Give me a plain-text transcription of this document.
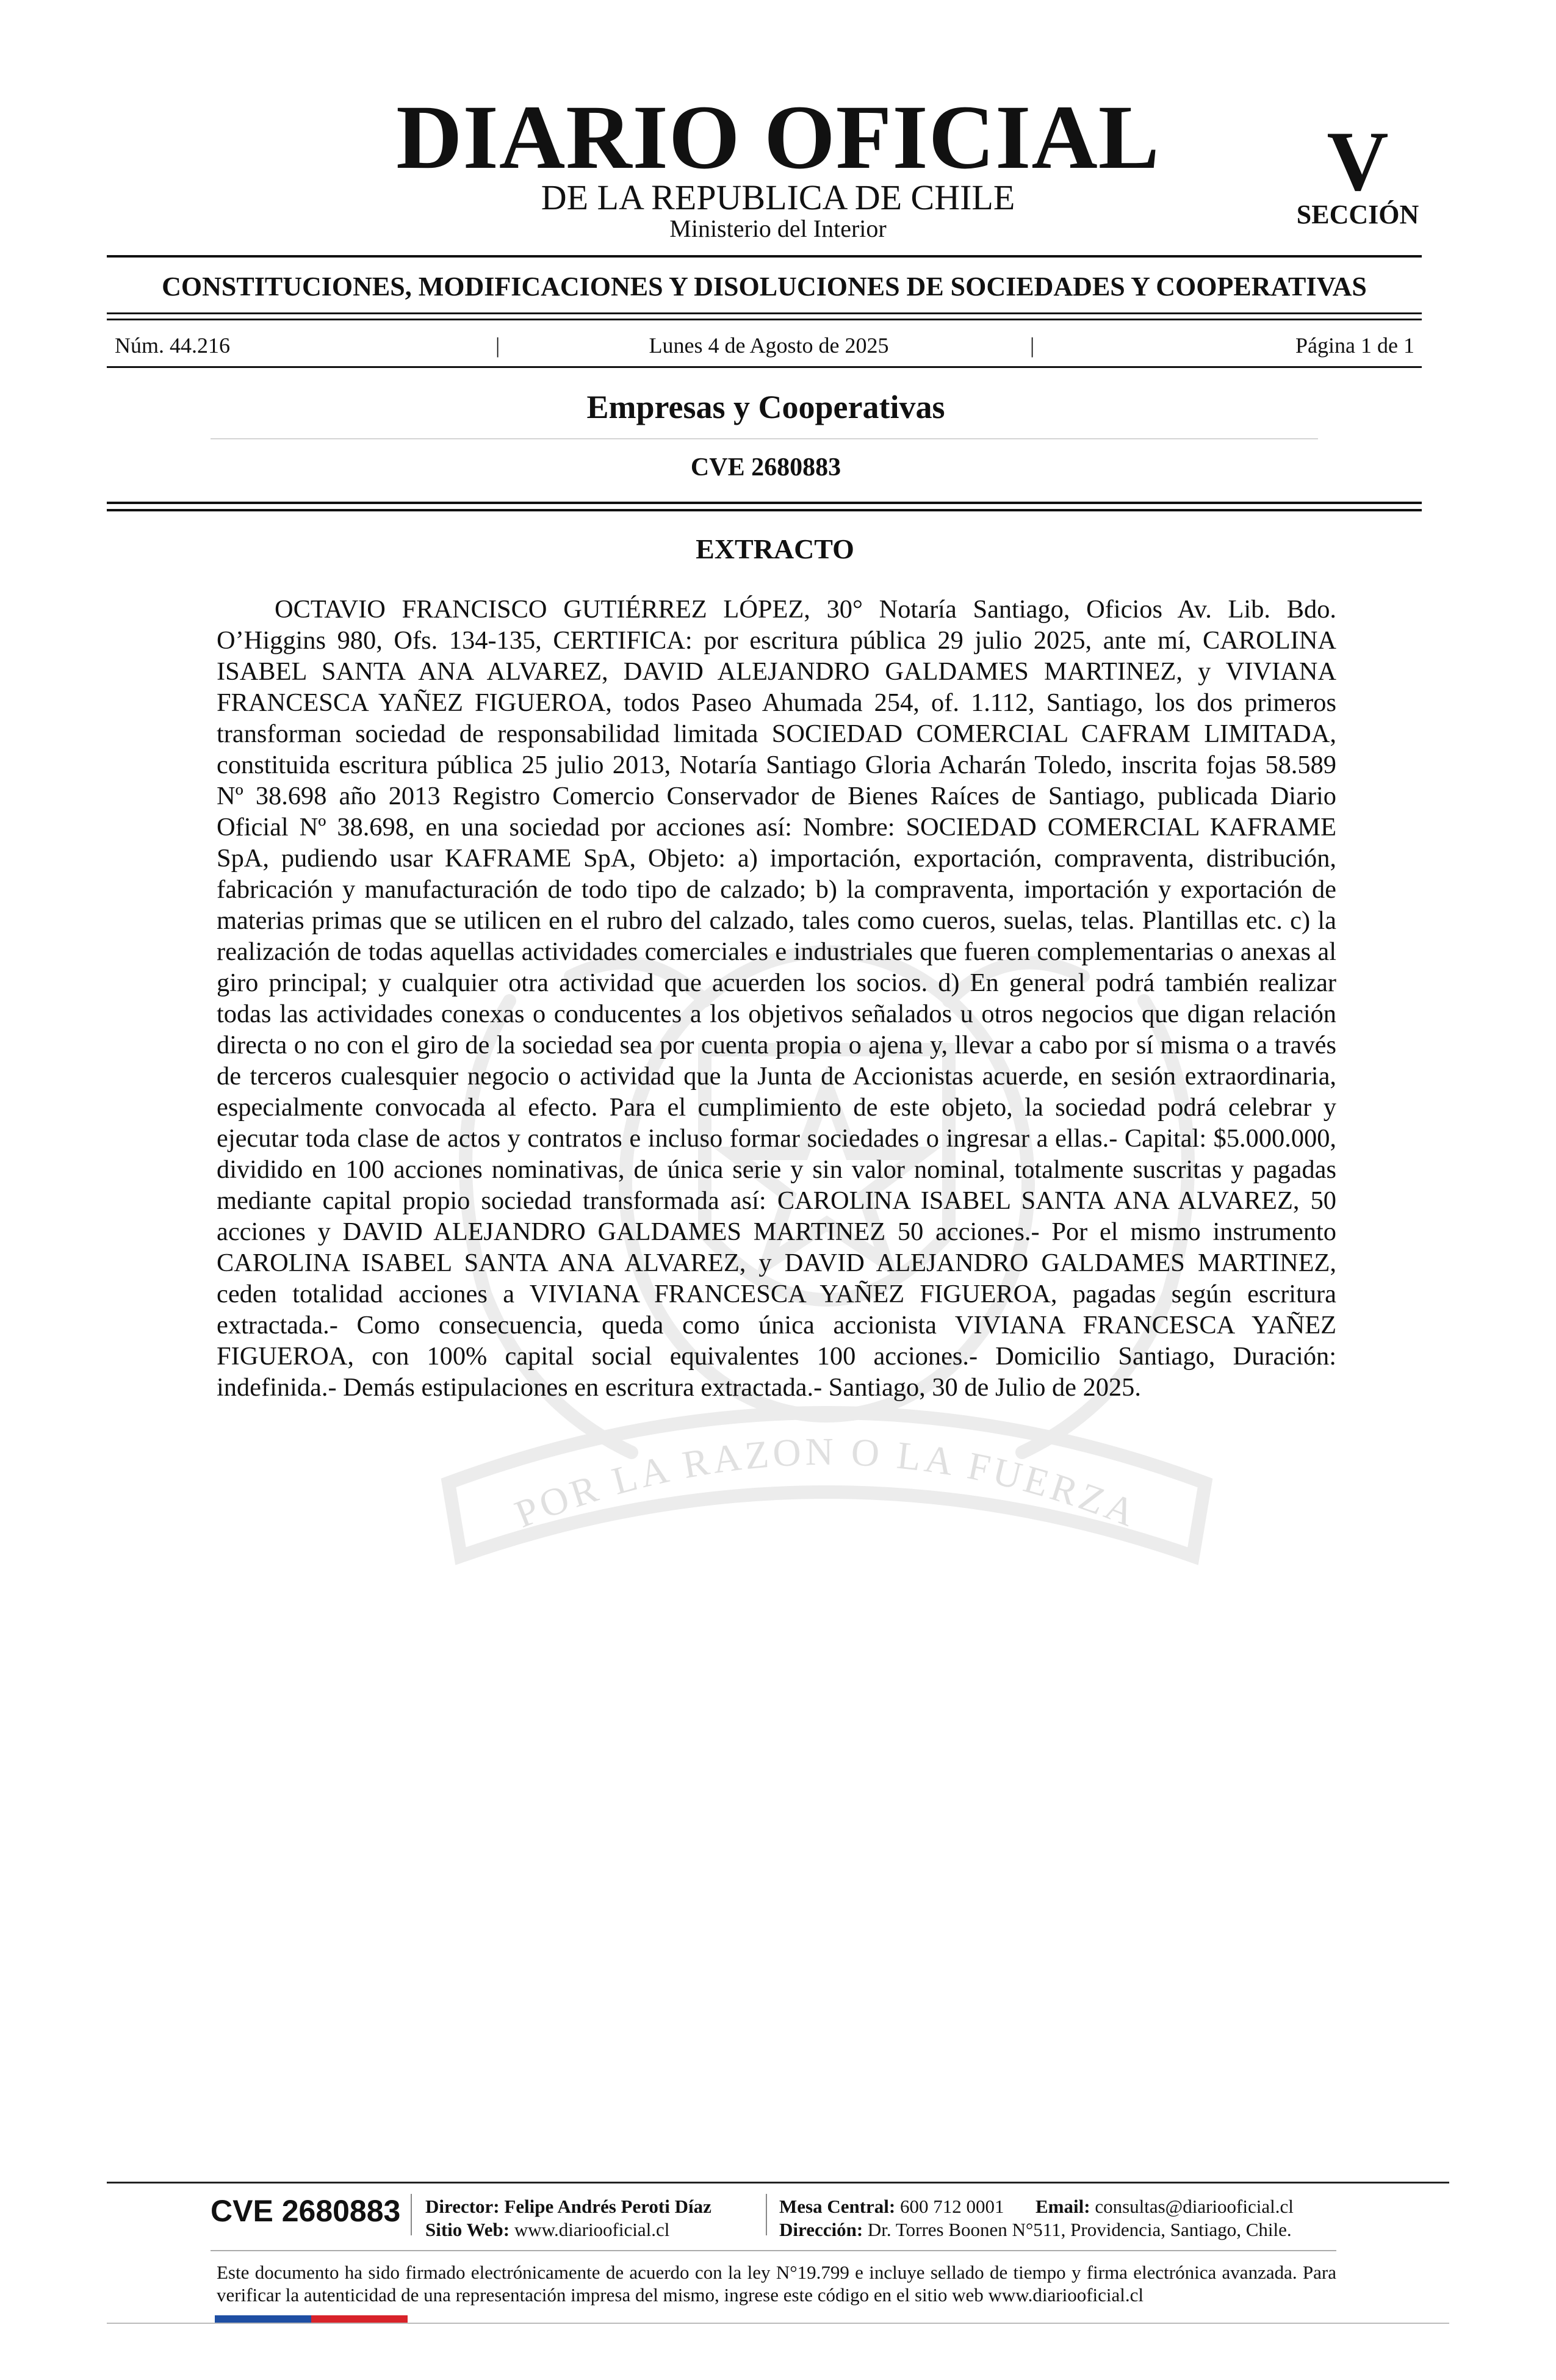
POR LA RAZON O LA FUERZA
DIARIO OFICIAL
DE LA REPUBLICA DE CHILE
Ministerio del Interior
V
SECCIÓN
CONSTITUCIONES, MODIFICACIONES Y DISOLUCIONES DE SOCIEDADES Y COOPERATIVAS
Núm. 44.216	|	Lunes 4 de Agosto de 2025	|	Página 1 de 1
Empresas y Cooperativas
CVE 2680883
EXTRACTO

OCTAVIO FRANCISCO GUTIÉRREZ LÓPEZ, 30° Notaría Santiago, Oficios Av. Lib. Bdo. O’Higgins 980, Ofs. 134-135, CERTIFICA: por escritura pública 29 julio 2025, ante mí, CAROLINA ISABEL SANTA ANA ALVAREZ, DAVID ALEJANDRO GALDAMES MARTINEZ, y VIVIANA FRANCESCA YAÑEZ FIGUEROA, todos Paseo Ahumada 254, of. 1.112, Santiago, los dos primeros transforman sociedad de responsabilidad limitada SOCIEDAD COMERCIAL CAFRAM LIMITADA, constituida escritura pública 25 julio 2013, Notaría Santiago Gloria Acharán Toledo, inscrita fojas 58.589 Nº 38.698 año 2013 Registro Comercio Conservador de Bienes Raíces de Santiago, publicada Diario Oficial Nº 38.698, en una sociedad por acciones así: Nombre: SOCIEDAD COMERCIAL KAFRAME SpA, pudiendo usar KAFRAME SpA, Objeto: a) importación, exportación, compraventa, distribución, fabricación y manufacturación de todo tipo de calzado; b) la compraventa, importación y exportación de materias primas que se utilicen en el rubro del calzado, tales como cueros, suelas, telas. Plantillas etc. c) la realización de todas aquellas actividades comerciales e industriales que fueren complementarias o anexas al giro principal; y cualquier otra actividad que acuerden los socios. d) En general podrá también realizar todas las actividades conexas o conducentes a los objetivos señalados u otros negocios que digan relación directa o no con el giro de la sociedad sea por cuenta propia o ajena y, llevar a cabo por sí misma o a través de terceros cualesquier negocio o actividad que la Junta de Accionistas acuerde, en sesión extraordinaria, especialmente convocada al efecto. Para el cumplimiento de este objeto, la sociedad podrá celebrar y ejecutar toda clase de actos y contratos e incluso formar sociedades o ingresar a ellas.- Capital: $5.000.000, dividido en 100 acciones nominativas, de única serie y sin valor nominal, totalmente suscritas y pagadas mediante capital propio sociedad transformada así: CAROLINA ISABEL SANTA ANA ALVAREZ, 50 acciones y DAVID ALEJANDRO GALDAMES MARTINEZ 50 acciones.- Por el mismo instrumento CAROLINA ISABEL SANTA ANA ALVAREZ, y DAVID ALEJANDRO GALDAMES MARTINEZ, ceden totalidad acciones a VIVIANA FRANCESCA YAÑEZ FIGUEROA, pagadas según escritura extractada.- Como consecuencia, queda como única accionista VIVIANA FRANCESCA YAÑEZ FIGUEROA, con 100% capital social equivalentes 100 acciones.- Domicilio Santiago, Duración: indefinida.- Demás estipulaciones en escritura extractada.- Santiago, 30 de Julio de 2025.

CVE 2680883 Director: Felipe Andrés Peroti Díaz
Sitio Web: www.diariooficial.cl
Mesa Central: 600 712 0001 Email: consultas@diariooficial.cl
Dirección: Dr. Torres Boonen N°511, Providencia, Santiago, Chile.

Este documento ha sido firmado electrónicamente de acuerdo con la ley N°19.799 e incluye sellado de tiempo y firma electrónica avanzada. Para verificar la autenticidad de una representación impresa del mismo, ingrese este código en el sitio web www.diariooficial.cl
